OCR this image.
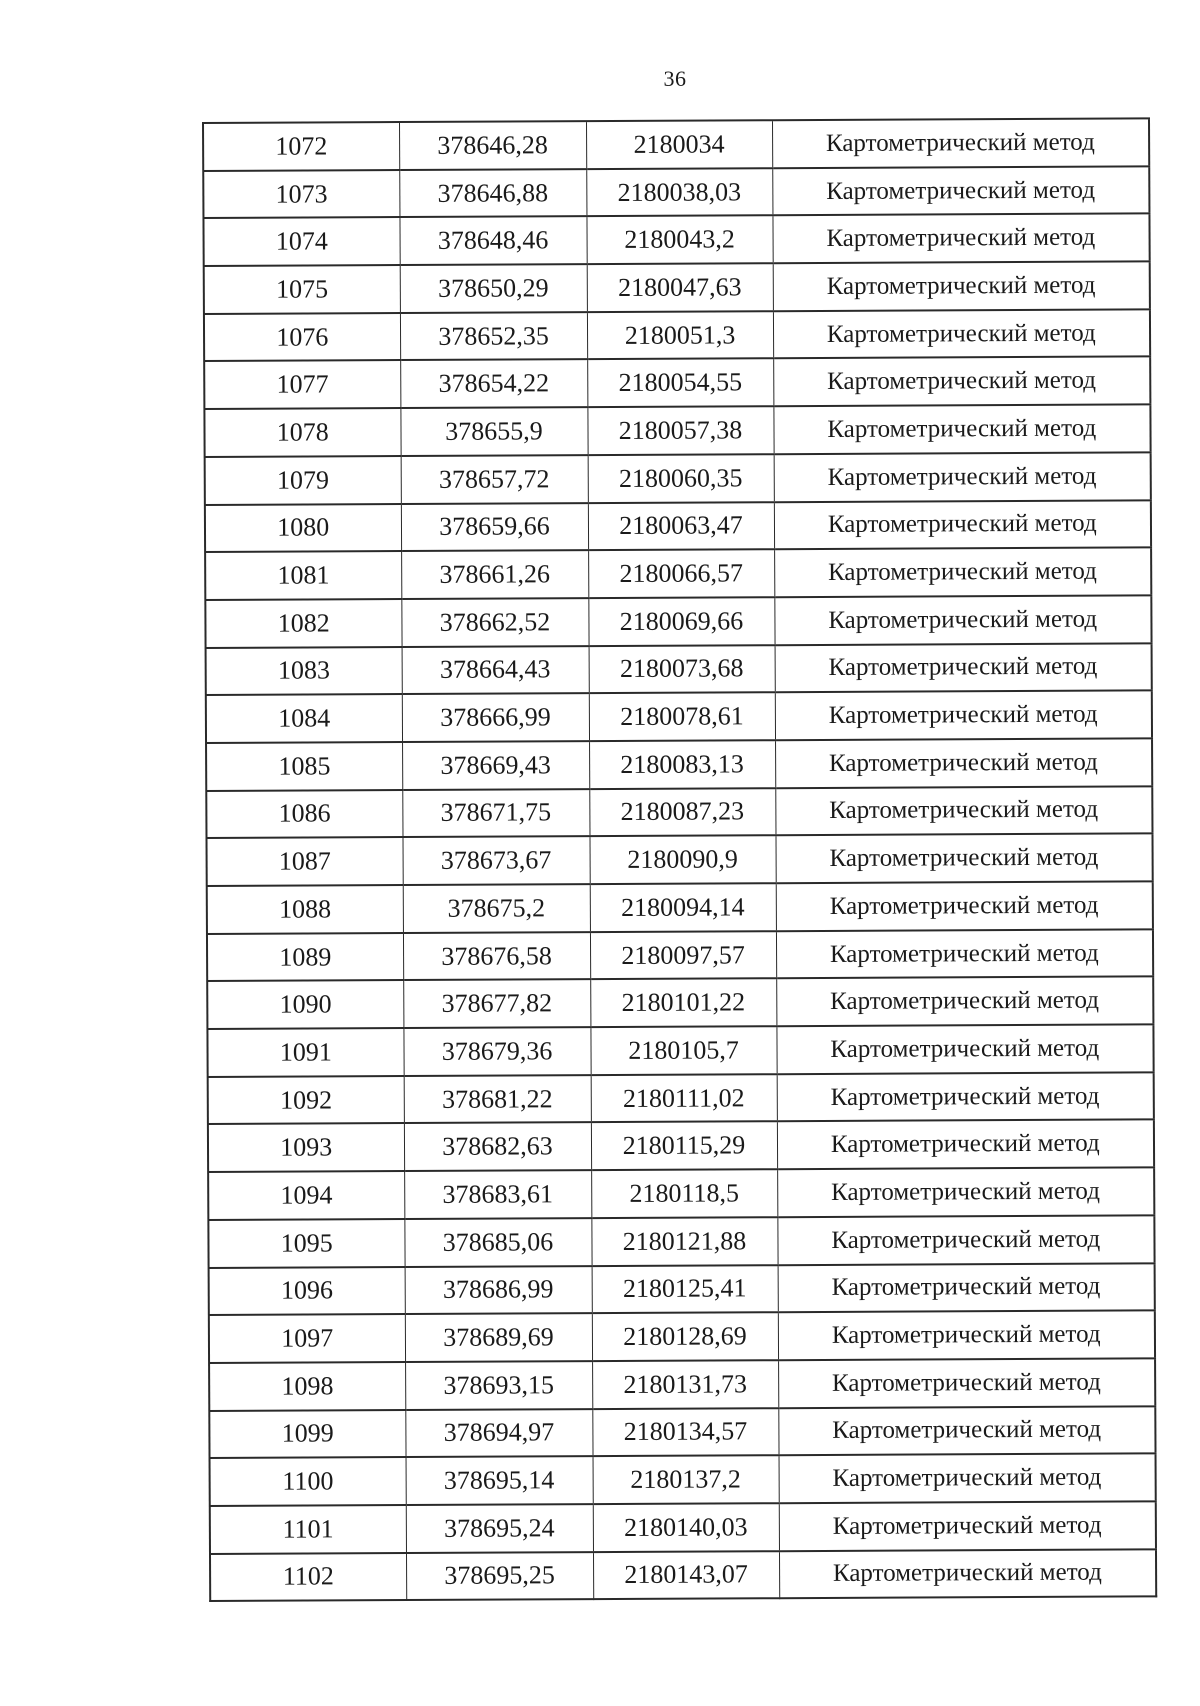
36
1072	378646,28	2180034	Картометрический метод
1073	378646,88	2180038,03	Картометрический метод
1074	378648,46	2180043,2	Картометрический метод
1075	378650,29	2180047,63	Картометрический метод
1076	378652,35	2180051,3	Картометрический метод
1077	378654,22	2180054,55	Картометрический метод
1078	378655,9	2180057,38	Картометрический метод
1079	378657,72	2180060,35	Картометрический метод
1080	378659,66	2180063,47	Картометрический метод
1081	378661,26	2180066,57	Картометрический метод
1082	378662,52	2180069,66	Картометрический метод
1083	378664,43	2180073,68	Картометрический метод
1084	378666,99	2180078,61	Картометрический метод
1085	378669,43	2180083,13	Картометрический метод
1086	378671,75	2180087,23	Картометрический метод
1087	378673,67	2180090,9	Картометрический метод
1088	378675,2	2180094,14	Картометрический метод
1089	378676,58	2180097,57	Картометрический метод
1090	378677,82	2180101,22	Картометрический метод
1091	378679,36	2180105,7	Картометрический метод
1092	378681,22	2180111,02	Картометрический метод
1093	378682,63	2180115,29	Картометрический метод
1094	378683,61	2180118,5	Картометрический метод
1095	378685,06	2180121,88	Картометрический метод
1096	378686,99	2180125,41	Картометрический метод
1097	378689,69	2180128,69	Картометрический метод
1098	378693,15	2180131,73	Картометрический метод
1099	378694,97	2180134,57	Картометрический метод
1100	378695,14	2180137,2	Картометрический метод
1101	378695,24	2180140,03	Картометрический метод
1102	378695,25	2180143,07	Картометрический метод
